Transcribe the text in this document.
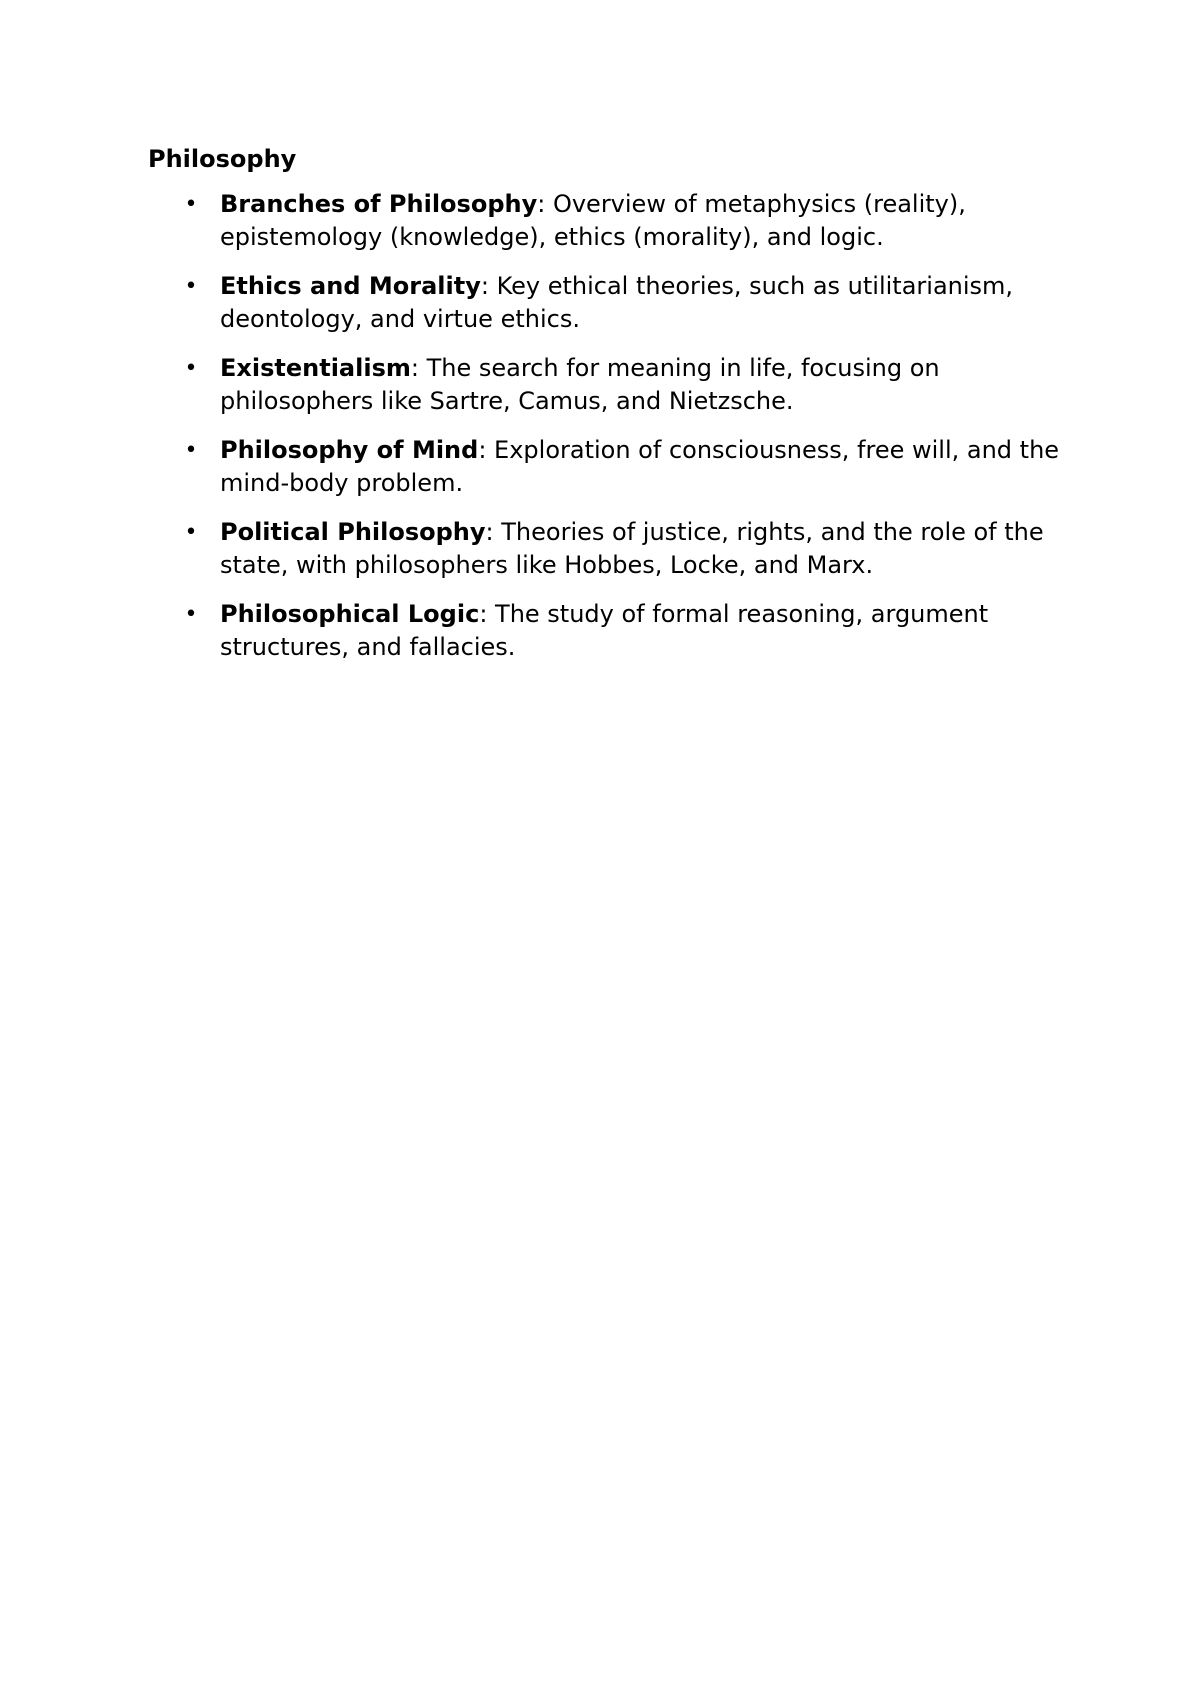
Philosophy
• Branches of Philosophy: Overview of metaphysics (reality), epistemology (knowledge), ethics (morality), and logic.
• Ethics and Morality: Key ethical theories, such as utilitarianism, deontology, and virtue ethics.
• Existentialism: The search for meaning in life, focusing on philosophers like Sartre, Camus, and Nietzsche.
• Philosophy of Mind: Exploration of consciousness, free will, and the mind-body problem.
• Political Philosophy: Theories of justice, rights, and the role of the state, with philosophers like Hobbes, Locke, and Marx.
• Philosophical Logic: The study of formal reasoning, argument structures, and fallacies.
